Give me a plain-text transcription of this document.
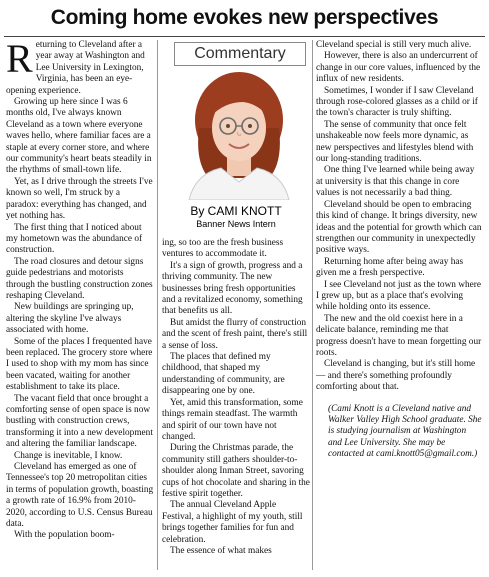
Coming home evokes new perspectives

Returning to Cleveland after a year away at Washington and Lee University in Lexington, Virginia, has been an eye-opening experience.

Growing up here since I was 6 months old, I've always known Cleveland as a town where everyone waves hello, where familiar faces are a staple at every corner store, and where our community's heart beats steadily in the rhythms of small-town life.

Yet, as I drive through the streets I've known so well, I'm struck by a paradox: everything has changed, and yet nothing has.

The first thing that I noticed about my hometown was the abundance of construction.

The road closures and detour signs guide pedestrians and motorists through the bustling construction zones reshaping Cleveland.

New buildings are springing up, altering the skyline I've always associated with home.

Some of the places I frequented have been replaced. The grocery store where I used to shop with my mom has since been vacated, waiting for another establishment to take its place.

The vacant field that once brought a comforting sense of open space is now bustling with construction crews, transforming it into a new development and altering the familiar landscape.

Change is inevitable, I know.

Cleveland has emerged as one of Tennessee's top 20 metropolitan cities in terms of population growth, boasting a growth rate of 16.9% from 2010-2020, according to U.S. Census Bureau data.

With the population boom-

Commentary
By CAMI KNOTT
Banner News Intern

ing, so too are the fresh business ventures to accommodate it.

It's a sign of growth, progress and a thriving community. The new businesses bring fresh opportunities and a revitalized economy, something that benefits us all.

But amidst the flurry of construction and the scent of fresh paint, there's still a sense of loss.

The places that defined my childhood, that shaped my understanding of community, are disappearing one by one.

Yet, amid this transformation, some things remain steadfast. The warmth and spirit of our town have not changed.

During the Christmas parade, the community still gathers shoulder-to-shoulder along Inman Street, savoring cups of hot chocolate and sharing in the festive spirit together.

The annual Cleveland Apple Festival, a highlight of my youth, still brings together families for fun and celebration.

The essence of what makes

Cleveland special is still very much alive.

However, there is also an undercurrent of change in our core values, influenced by the influx of new residents.

Sometimes, I wonder if I saw Cleveland through rose-colored glasses as a child or if the town's character is truly shifting.

The sense of community that once felt unshakeable now feels more dynamic, as new perspectives and lifestyles blend with our long-standing traditions.

One thing I've learned while being away at university is that this change in core values is not necessarily a bad thing.

Cleveland should be open to embracing this kind of change. It brings diversity, new ideas and the potential for growth which can strengthen our community in unexpectedly positive ways.

Returning home after being away has given me a fresh perspective.

I see Cleveland not just as the town where I grew up, but as a place that's evolving while holding onto its essence.

The new and the old coexist here in a delicate balance, reminding me that progress doesn't have to mean forgetting our roots.

Cleveland is changing, but it's still home — and there's something profoundly comforting about that.

(Cami Knott is a Cleveland native and Walker Valley High School graduate. She is studying journalism at Washington and Lee University. She may be contacted at cami.knott05@gmail.com.)
